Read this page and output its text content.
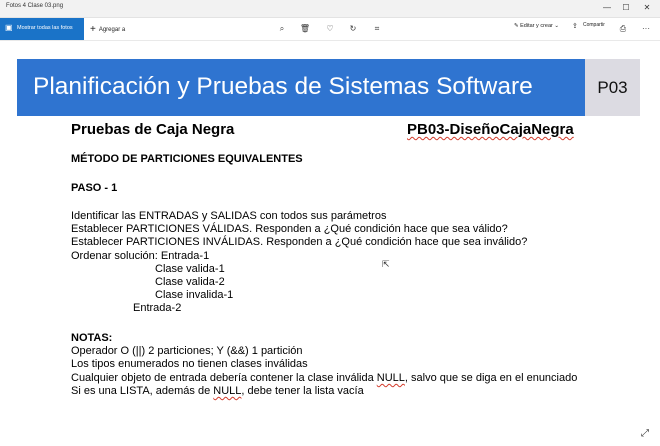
Fotos 4 Clase 03.png	—	☐	✕
▣ Mostrar todas las fotos + Agregar a	⌕	🗑	♡	↻	⌗	✎ Editar y crear ⌄ ⇪ Compartir	⎙	···
Planificación y Pruebas de Sistemas Software	P03
Pruebas de Caja Negra	PB03-DiseñoCajaNegra
MÉTODO DE PARTICIONES EQUIVALENTES
PASO - 1
Identificar las ENTRADAS y SALIDAS con todos sus parámetros
Establecer PARTICIONES VÁLIDAS. Responden a ¿Qué condición hace que sea válido?
Establecer PARTICIONES INVÁLIDAS. Responden a ¿Qué condición hace que sea inválido?
Ordenar solución: Entrada-1
Clase valida-1
Clase valida-2
Clase invalida-1
Entrada-2
NOTAS:
Operador O (||) 2 particiones; Y (&&) 1 partición
Los tipos enumerados no tienen clases inválidas
Cualquier objeto de entrada debería contener la clase inválida NULL, salvo que se diga en el enunciado
Si es una LISTA, además de NULL, debe tener la lista vacía
⇱
⤢
